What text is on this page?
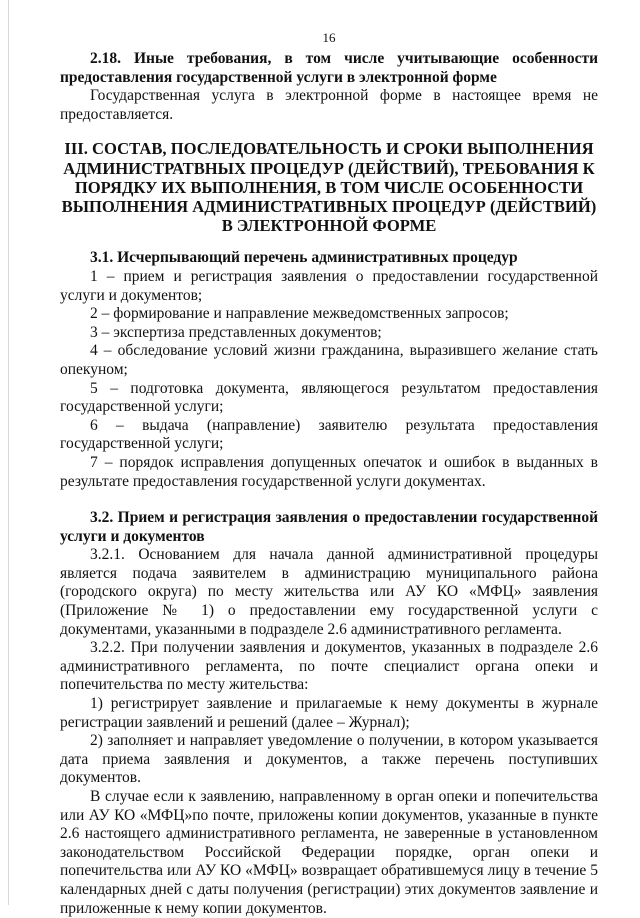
16

2.18. Иные требования, в том числе учитывающие особенности предоставления государственной услуги в электронной форме

Государственная услуга в электронной форме в настоящее время не предоставляется.

III. СОСТАВ, ПОСЛЕДОВАТЕЛЬНОСТЬ И СРОКИ ВЫПОЛНЕНИЯ АДМИНИСТРАТВНЫХ ПРОЦЕДУР (ДЕЙСТВИЙ), ТРЕБОВАНИЯ К ПОРЯДКУ ИХ ВЫПОЛНЕНИЯ, В ТОМ ЧИСЛЕ ОСОБЕННОСТИ ВЫПОЛНЕНИЯ АДМИНИСТРАТИВНЫХ ПРОЦЕДУР (ДЕЙСТВИЙ) В ЭЛЕКТРОННОЙ ФОРМЕ

3.1. Исчерпывающий перечень административных процедур

1 – прием и регистрация заявления о предоставлении государственной услуги и документов;

2 – формирование и направление межведомственных запросов;

3 – экспертиза представленных документов;

4 – обследование условий жизни гражданина, выразившего желание стать опекуном;

5 – подготовка документа, являющегося результатом предоставления государственной услуги;

6 – выдача (направление) заявителю результата предоставления государственной услуги;

7 – порядок исправления допущенных опечаток и ошибок в выданных в результате предоставления государственной услуги документах.

3.2. Прием и регистрация заявления о предоставлении государственной услуги и документов

3.2.1. Основанием для начала данной административной процедуры является подача заявителем в администрацию муниципального района (городского округа) по месту жительства или АУ КО «МФЦ» заявления (Приложение № 1) о предоставлении ему государственной услуги с документами, указанными в подразделе 2.6 административного регламента.

3.2.2. При получении заявления и документов, указанных в подразделе 2.6 административного регламента, по почте специалист органа опеки и попечительства по месту жительства:

1) регистрирует заявление и прилагаемые к нему документы в журнале регистрации заявлений и решений (далее – Журнал);

2) заполняет и направляет уведомление о получении, в котором указывается дата приема заявления и документов, а также перечень поступивших документов.

В случае если к заявлению, направленному в орган опеки и попечительства или АУ КО «МФЦ»по почте, приложены копии документов, указанные в пункте 2.6 настоящего административного регламента, не заверенные в установленном законодательством Российской Федерации порядке, орган опеки и попечительства или АУ КО «МФЦ» возвращает обратившемуся лицу в течение 5 календарных дней с даты получения (регистрации) этих документов заявление и приложенные к нему копии документов.
